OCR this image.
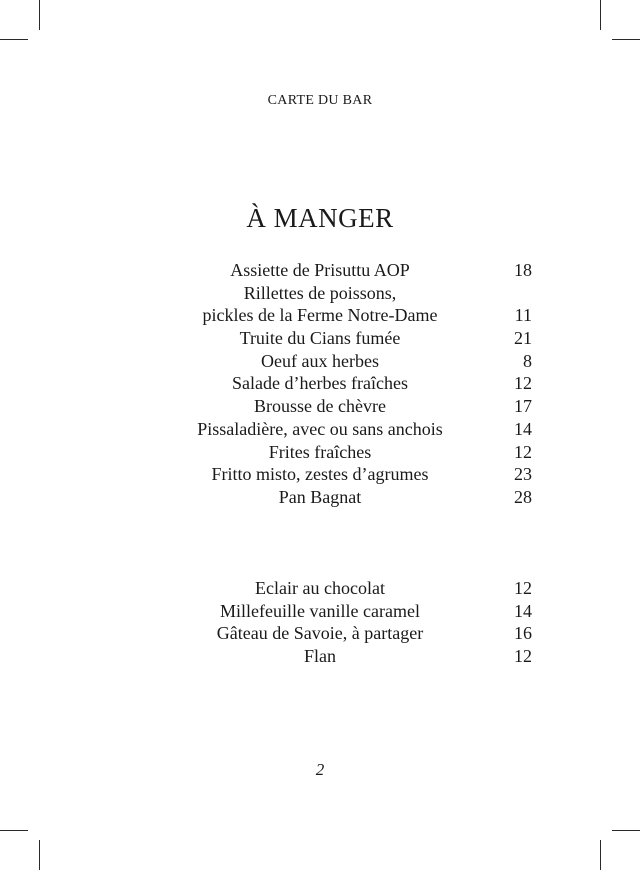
CARTE DU BAR
À MANGER
Assiette de Prisuttu AOP	18
Rillettes de poissons,
pickles de la Ferme Notre-Dame	11
Truite du Cians fumée	21
Oeuf aux herbes	8
Salade d’herbes fraîches	12
Brousse de chèvre	17
Pissaladière, avec ou sans anchois	14
Frites fraîches	12
Fritto misto, zestes d’agrumes	23
Pan Bagnat	28
Eclair au chocolat	12
Millefeuille vanille caramel	14
Gâteau de Savoie, à partager	16
Flan	12
2
